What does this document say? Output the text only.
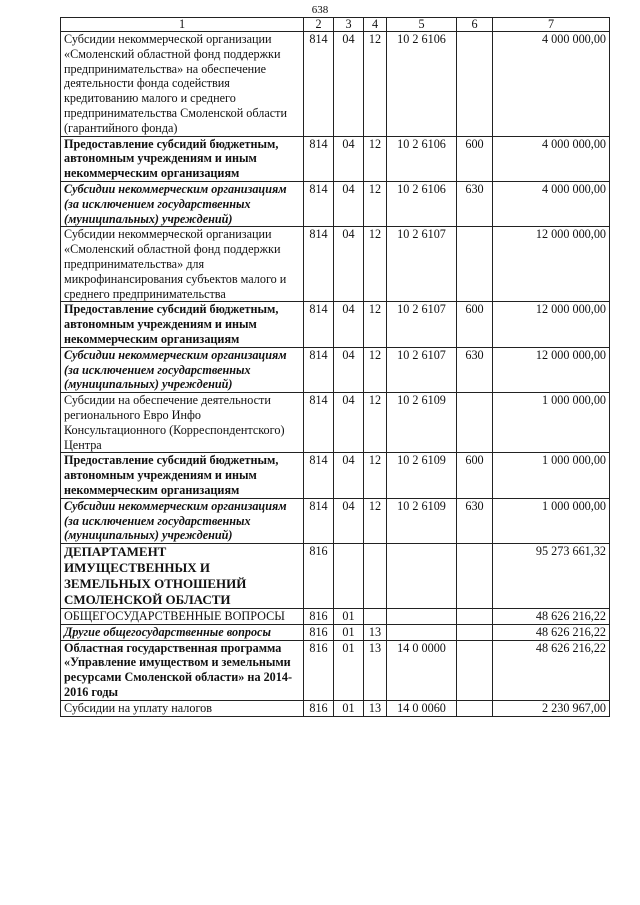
638
1	2	3	4	5	6	7
Субсидии некоммерческой организации «Смоленский областной фонд поддержки предпринимательства» на обеспечение деятельности фонда содействия кредитованию малого и среднего предпринимательства Смоленской области (гарантийного фонда)	814	04	12	10 2 6106		4 000 000,00
Предоставление субсидий бюджетным, автономным учреждениям и иным некоммерческим организациям	814	04	12	10 2 6106	600	4 000 000,00
Субсидии некоммерческим организациям (за исключением государственных (муниципальных) учреждений)	814	04	12	10 2 6106	630	4 000 000,00
Субсидии некоммерческой организации «Смоленский областной фонд поддержки предпринимательства» для микрофинансирования субъектов малого и среднего предпринимательства	814	04	12	10 2 6107		12 000 000,00
Предоставление субсидий бюджетным, автономным учреждениям и иным некоммерческим организациям	814	04	12	10 2 6107	600	12 000 000,00
Субсидии некоммерческим организациям (за исключением государственных (муниципальных) учреждений)	814	04	12	10 2 6107	630	12 000 000,00
Субсидии на обеспечение деятельности регионального Евро Инфо Консультационного (Корреспондентского) Центра	814	04	12	10 2 6109		1 000 000,00
Предоставление субсидий бюджетным, автономным учреждениям и иным некоммерческим организациям	814	04	12	10 2 6109	600	1 000 000,00
Субсидии некоммерческим организациям (за исключением государственных (муниципальных) учреждений)	814	04	12	10 2 6109	630	1 000 000,00
ДЕПАРТАМЕНТ ИМУЩЕСТВЕННЫХ И ЗЕМЕЛЬНЫХ ОТНОШЕНИЙ СМОЛЕНСКОЙ ОБЛАСТИ	816					95 273 661,32
ОБЩЕГОСУДАРСТВЕННЫЕ ВОПРОСЫ	816	01				48 626 216,22
Другие общегосударственные вопросы	816	01	13			48 626 216,22
Областная государственная программа «Управление имуществом и земельными ресурсами Смоленской области» на 2014-2016 годы	816	01	13	14 0 0000		48 626 216,22
Субсидии на уплату налогов	816	01	13	14 0 0060		2 230 967,00
